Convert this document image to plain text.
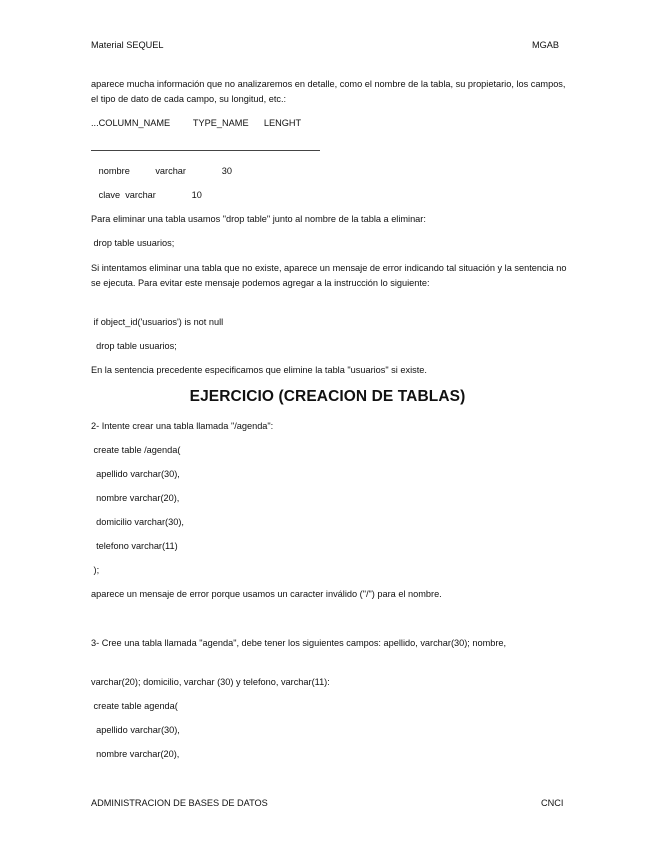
Material SEQUEL	MGAB
aparece mucha información que no analizaremos en detalle, como el nombre de la tabla, su propietario, los campos, el tipo de dato de cada campo, su longitud, etc.:
...COLUMN_NAME         TYPE_NAME      LENGHT
nombre          varchar              30
clave  varchar              10
Para eliminar una tabla usamos "drop table" junto al nombre de la tabla a eliminar:
drop table usuarios;
Si intentamos eliminar una tabla que no existe, aparece un mensaje de error indicando tal situación y la sentencia no se ejecuta. Para evitar este mensaje podemos agregar a la instrucción lo siguiente:
if object_id('usuarios') is not null
drop table usuarios;
En la sentencia precedente especificamos que elimine la tabla "usuarios" si existe.
EJERCICIO (CREACION DE TABLAS)
2- Intente crear una tabla llamada "/agenda":
create table /agenda(
apellido varchar(30),
nombre varchar(20),
domicilio varchar(30),
telefono varchar(11)
);
aparece un mensaje de error porque usamos un caracter inválido ("/") para el nombre.
3- Cree una tabla llamada "agenda", debe tener los siguientes campos: apellido, varchar(30); nombre,
varchar(20); domicilio, varchar (30) y telefono, varchar(11):
create table agenda(
apellido varchar(30),
nombre varchar(20),
ADMINISTRACION DE BASES DE DATOS	CNCI
